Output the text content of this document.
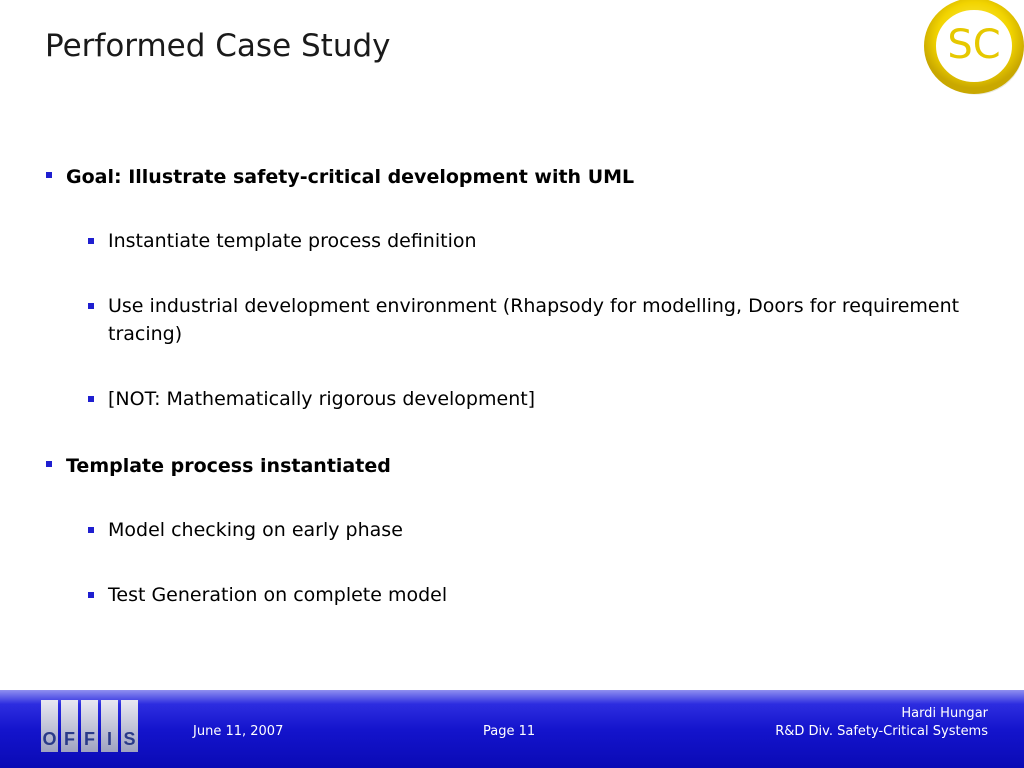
Performed Case Study	SC
Goal: Illustrate safety-critical development with UML
Instantiate template process definition
Use industrial development environment (Rhapsody for modelling, Doors for requirement tracing)
[NOT: Mathematically rigorous development]
Template process instantiated
Model checking on early phase
Test Generation on complete model
O F F I S	June 11, 2007	Page 11
Hardi Hungar
R&D Div. Safety-Critical Systems
